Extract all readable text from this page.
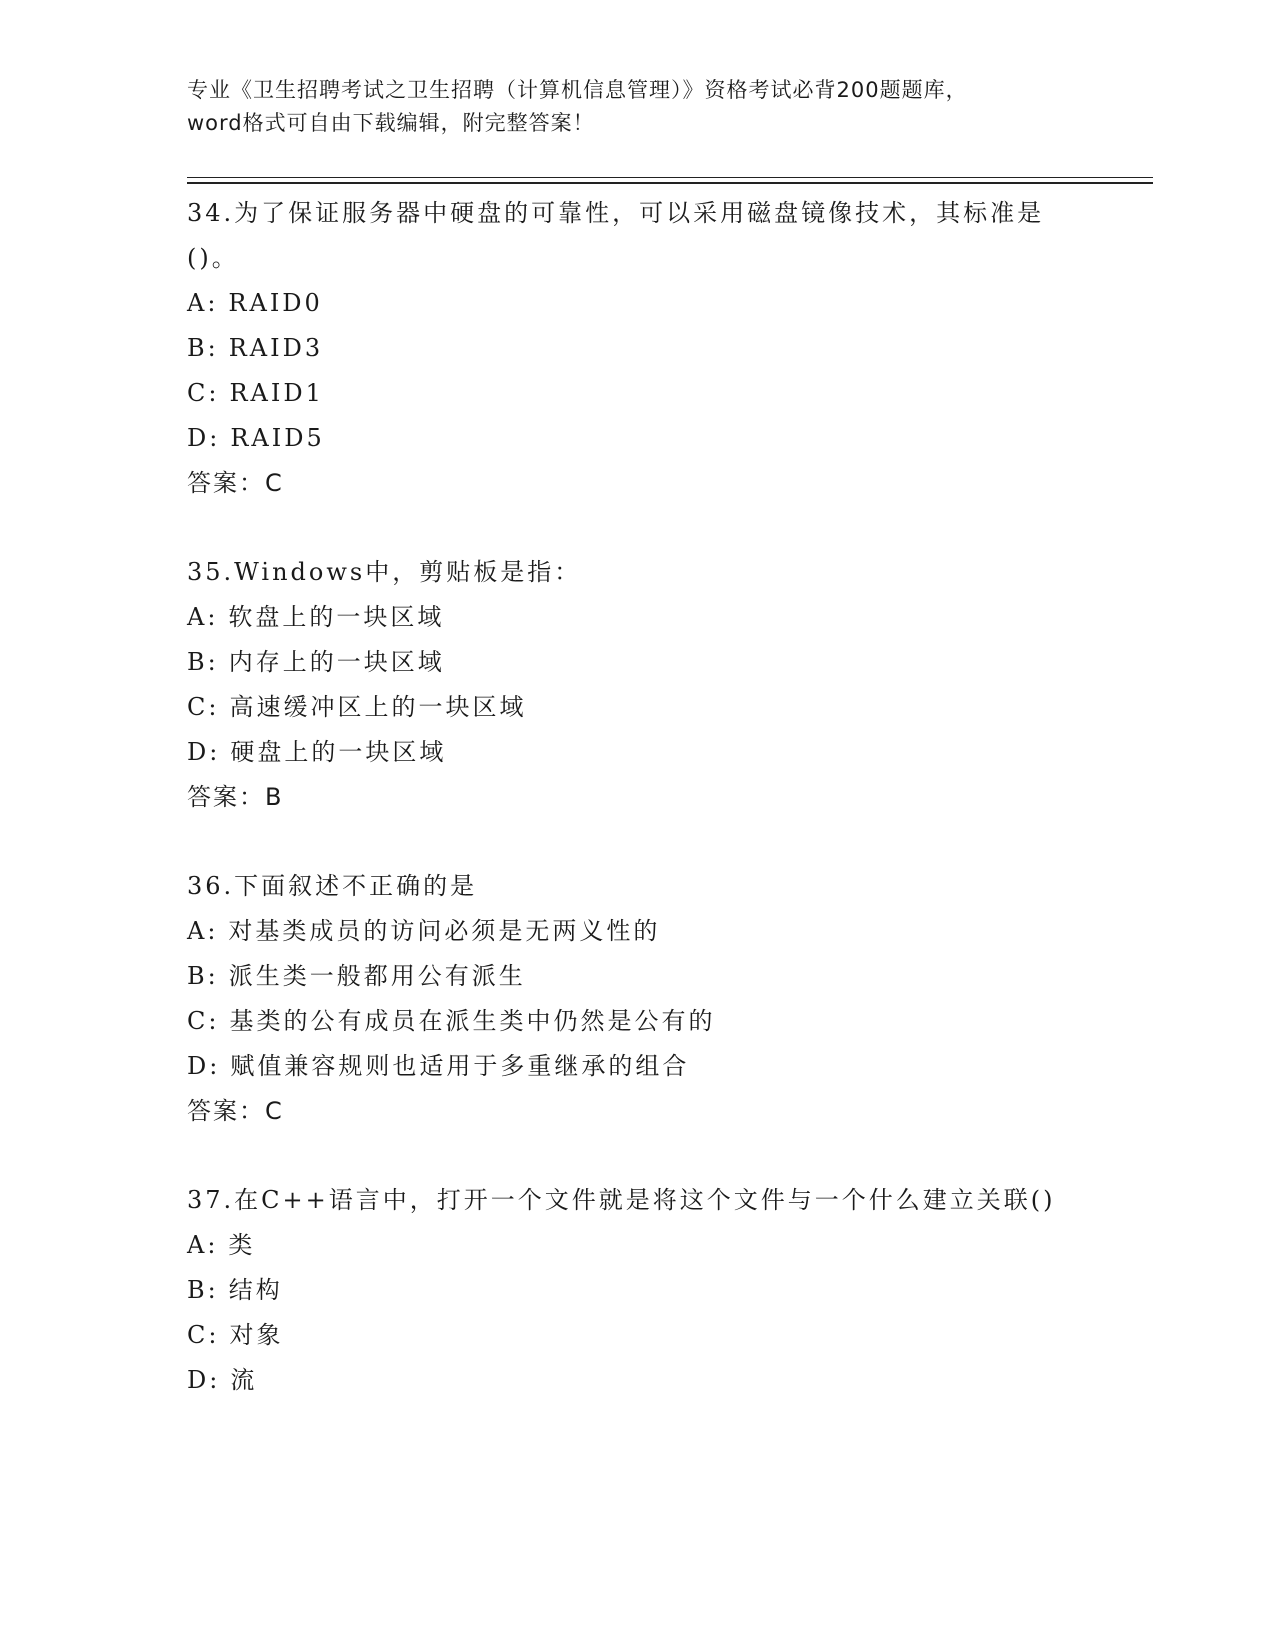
专业《卫生招聘考试之卫生招聘（计算机信息管理）》资格考试必背200题题库，

word格式可自由下载编辑，附完整答案！

34.为了保证服务器中硬盘的可靠性，可以采用磁盘镜像技术，其标准是()。

A: RAID0
B: RAID3
C: RAID1
D: RAID5

答案：C

35.Windows中，剪贴板是指：

A: 软盘上的一块区域
B: 内存上的一块区域
C: 高速缓冲区上的一块区域
D: 硬盘上的一块区域

答案：B

36.下面叙述不正确的是

A: 对基类成员的访问必须是无两义性的
B: 派生类一般都用公有派生
C: 基类的公有成员在派生类中仍然是公有的
D: 赋值兼容规则也适用于多重继承的组合

答案：C

37.在C++语言中，打开一个文件就是将这个文件与一个什么建立关联()

A: 类
B: 结构
C: 对象
D: 流
